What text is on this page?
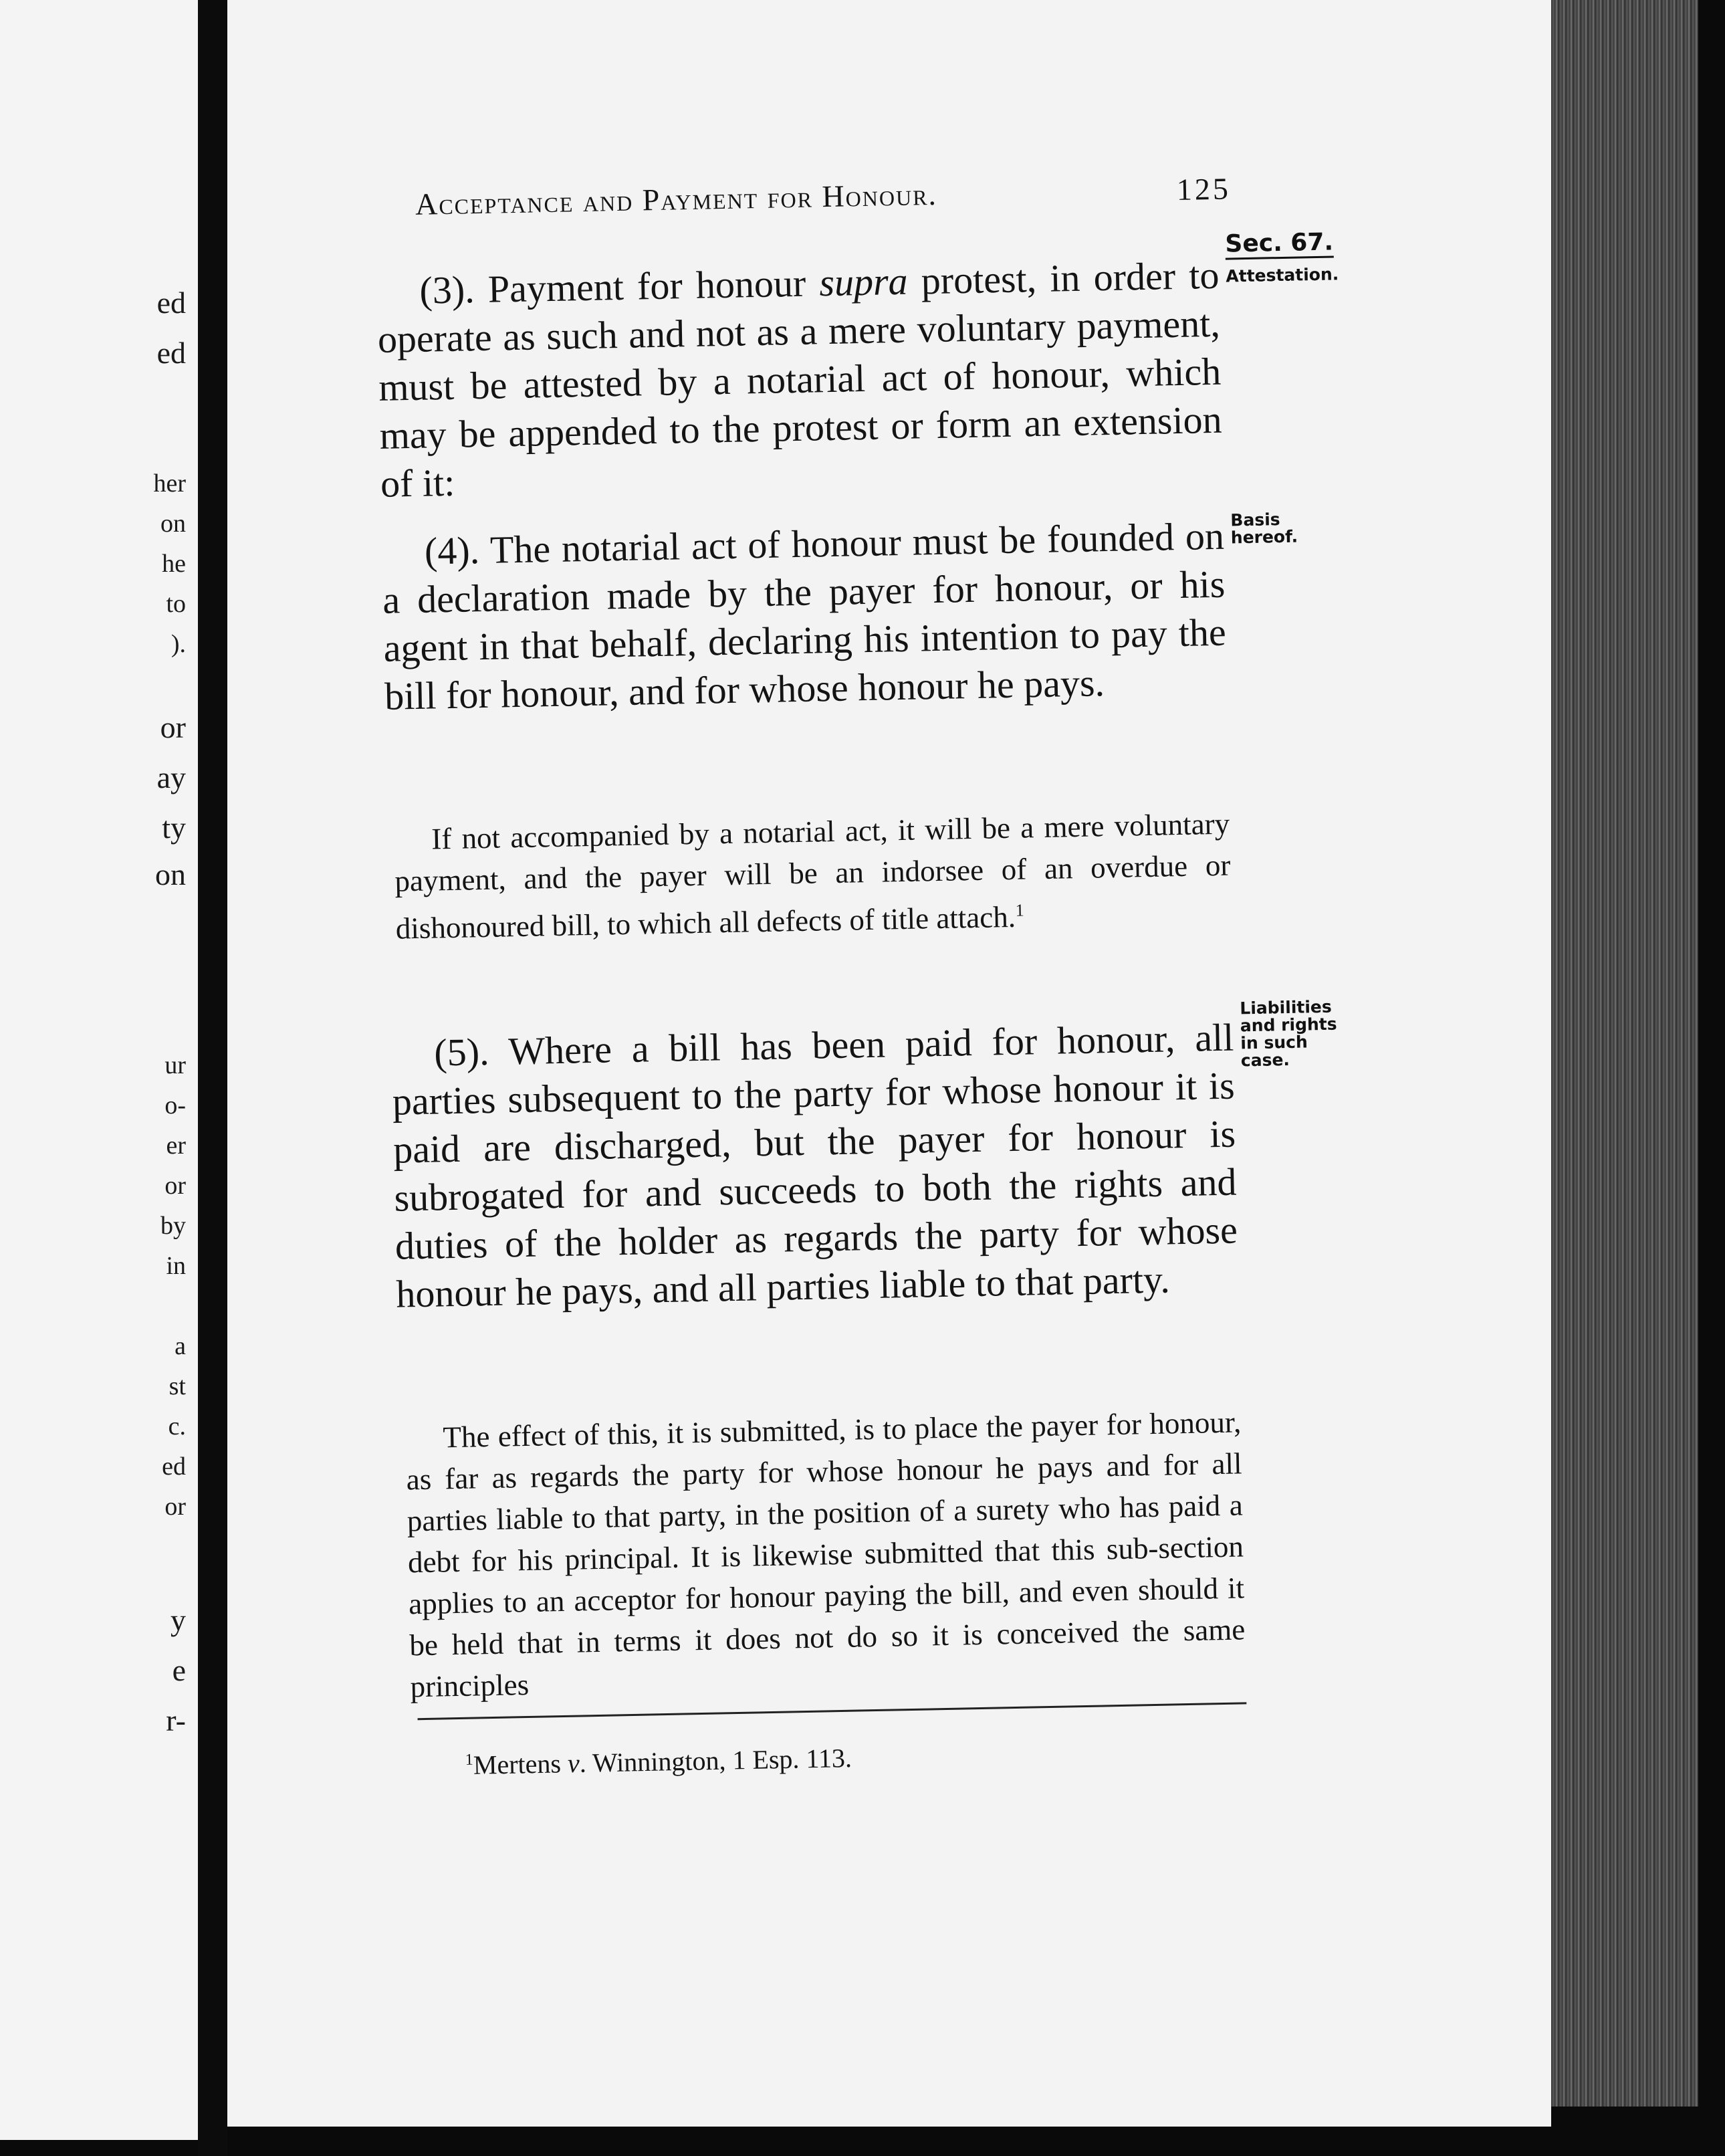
ed
ed
her
on
he
to
).
or
ay
ty
on
ur
o-
er
or
by
in
a
st
c.
ed
or
y
e
r-
Acceptance and Payment for Honour.	125
Sec. 67.
Attestation.
(3). Payment for honour supra protest, in order to operate as such and not as a mere voluntary payment, must be attested by a notarial act of honour, which may be appended to the protest or form an extension of it:
Basis hereof.
(4). The notarial act of honour must be founded on a declaration made by the payer for honour, or his agent in that behalf, declaring his intention to pay the bill for honour, and for whose honour he pays.
If not accompanied by a notarial act, it will be a mere voluntary payment, and the payer will be an indorsee of an overdue or dishonoured bill, to which all defects of title attach.$^1$
Liabilities and rights in such case.
(5). Where a bill has been paid for honour, all parties subsequent to the party for whose honour it is paid are discharged, but the payer for honour is subrogated for and succeeds to both the rights and duties of the holder as regards the party for whose honour he pays, and all parties liable to that party.
The effect of this, it is submitted, is to place the payer for honour, as far as regards the party for whose honour he pays and for all parties liable to that party, in the position of a surety who has paid a debt for his principal. It is likewise submitted that this sub-section applies to an acceptor for honour paying the bill, and even should it be held that in terms it does not do so it is conceived the same principles
$^1$Mertens v. Winnington, 1 Esp. 113.
